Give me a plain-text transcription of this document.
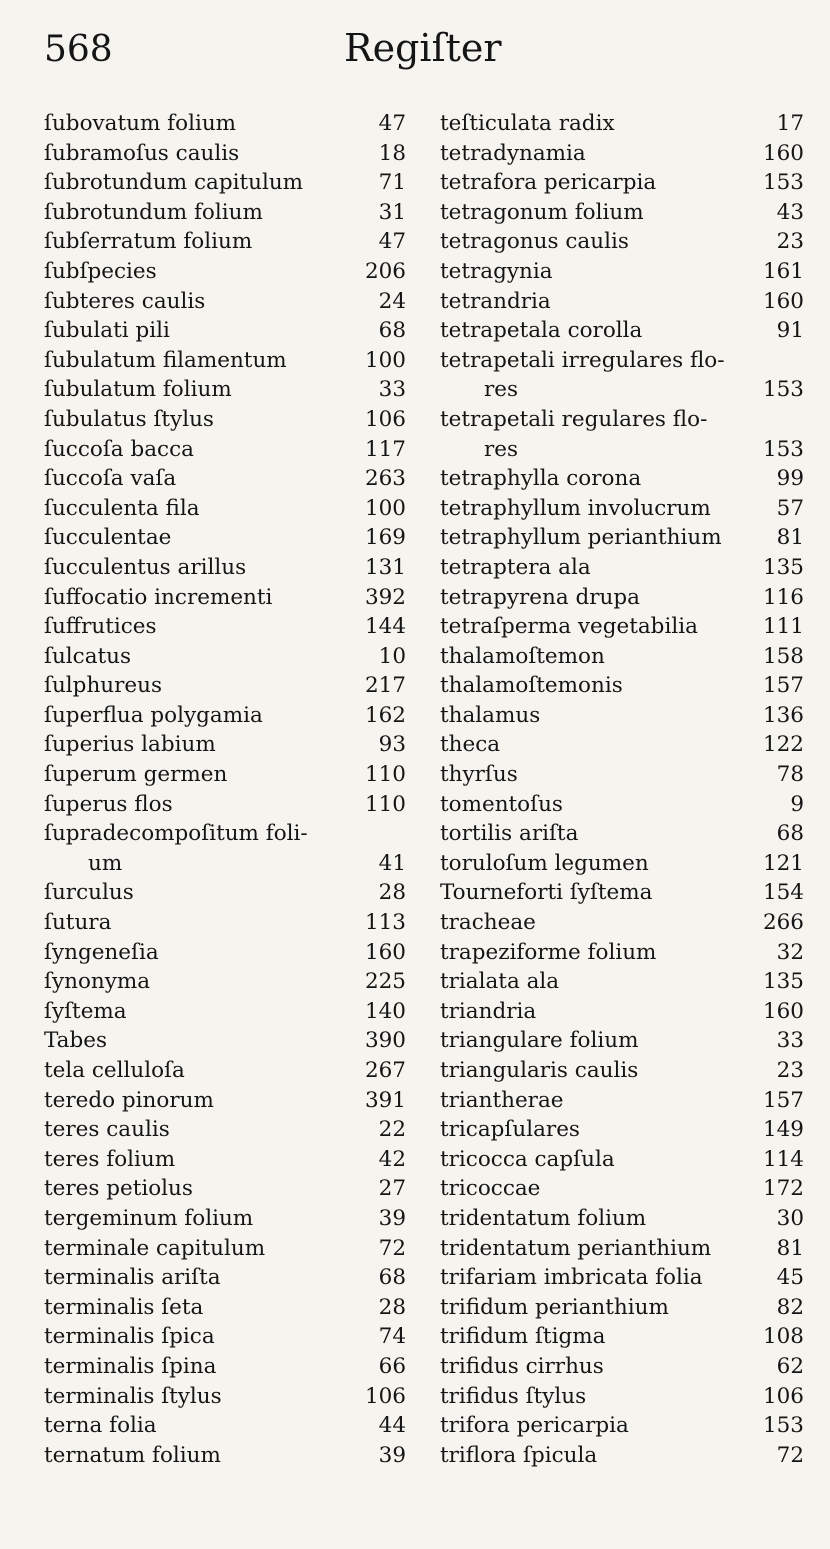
568	Regiſter
ſubovatum folium	47
ſubramoſus caulis	18
ſubrotundum capitulum	71
ſubrotundum folium	31
ſubſerratum folium	47
ſubſpecies	206
ſubteres caulis	24
ſubulati pili	68
ſubulatum filamentum	100
ſubulatum folium	33
ſubulatus ſtylus	106
ſuccoſa bacca	117
ſuccoſa vaſa	263
ſucculenta fila	100
ſucculentae	169
ſucculentus arillus	131
ſuffocatio incrementi	392
ſuffrutices	144
ſulcatus	10
ſulphureus	217
ſuperflua polygamia	162
ſuperius labium	93
ſuperum germen	110
ſuperus flos	110
ſupradecompoſitum foli-
um	41
ſurculus	28
ſutura	113
ſyngeneſia	160
ſynonyma	225
ſyſtema	140
Tabes	390
tela celluloſa	267
teredo pinorum	391
teres caulis	22
teres folium	42
teres petiolus	27
tergeminum folium	39
terminale capitulum	72
terminalis ariſta	68
terminalis ſeta	28
terminalis ſpica	74
terminalis ſpina	66
terminalis ſtylus	106
terna folia	44
ternatum folium	39
teſticulata radix	17
tetradynamia	160
tetrafora pericarpia	153
tetragonum folium	43
tetragonus caulis	23
tetragynia	161
tetrandria	160
tetrapetala corolla	91
tetrapetali irregulares flo-
res	153
tetrapetali regulares flo-
res	153
tetraphylla corona	99
tetraphyllum involucrum	57
tetraphyllum perianthium	81
tetraptera ala	135
tetrapyrena drupa	116
tetraſperma vegetabilia	111
thalamoſtemon	158
thalamoſtemonis	157
thalamus	136
theca	122
thyrſus	78
tomentoſus	9
tortilis ariſta	68
toruloſum legumen	121
Tourneforti ſyſtema	154
tracheae	266
trapeziforme folium	32
trialata ala	135
triandria	160
triangulare folium	33
triangularis caulis	23
triantherae	157
tricapſulares	149
tricocca capſula	114
tricoccae	172
tridentatum folium	30
tridentatum perianthium	81
trifariam imbricata folia	45
trifidum perianthium	82
trifidum ſtigma	108
trifidus cirrhus	62
trifidus ſtylus	106
trifora pericarpia	153
triflora ſpicula	72
